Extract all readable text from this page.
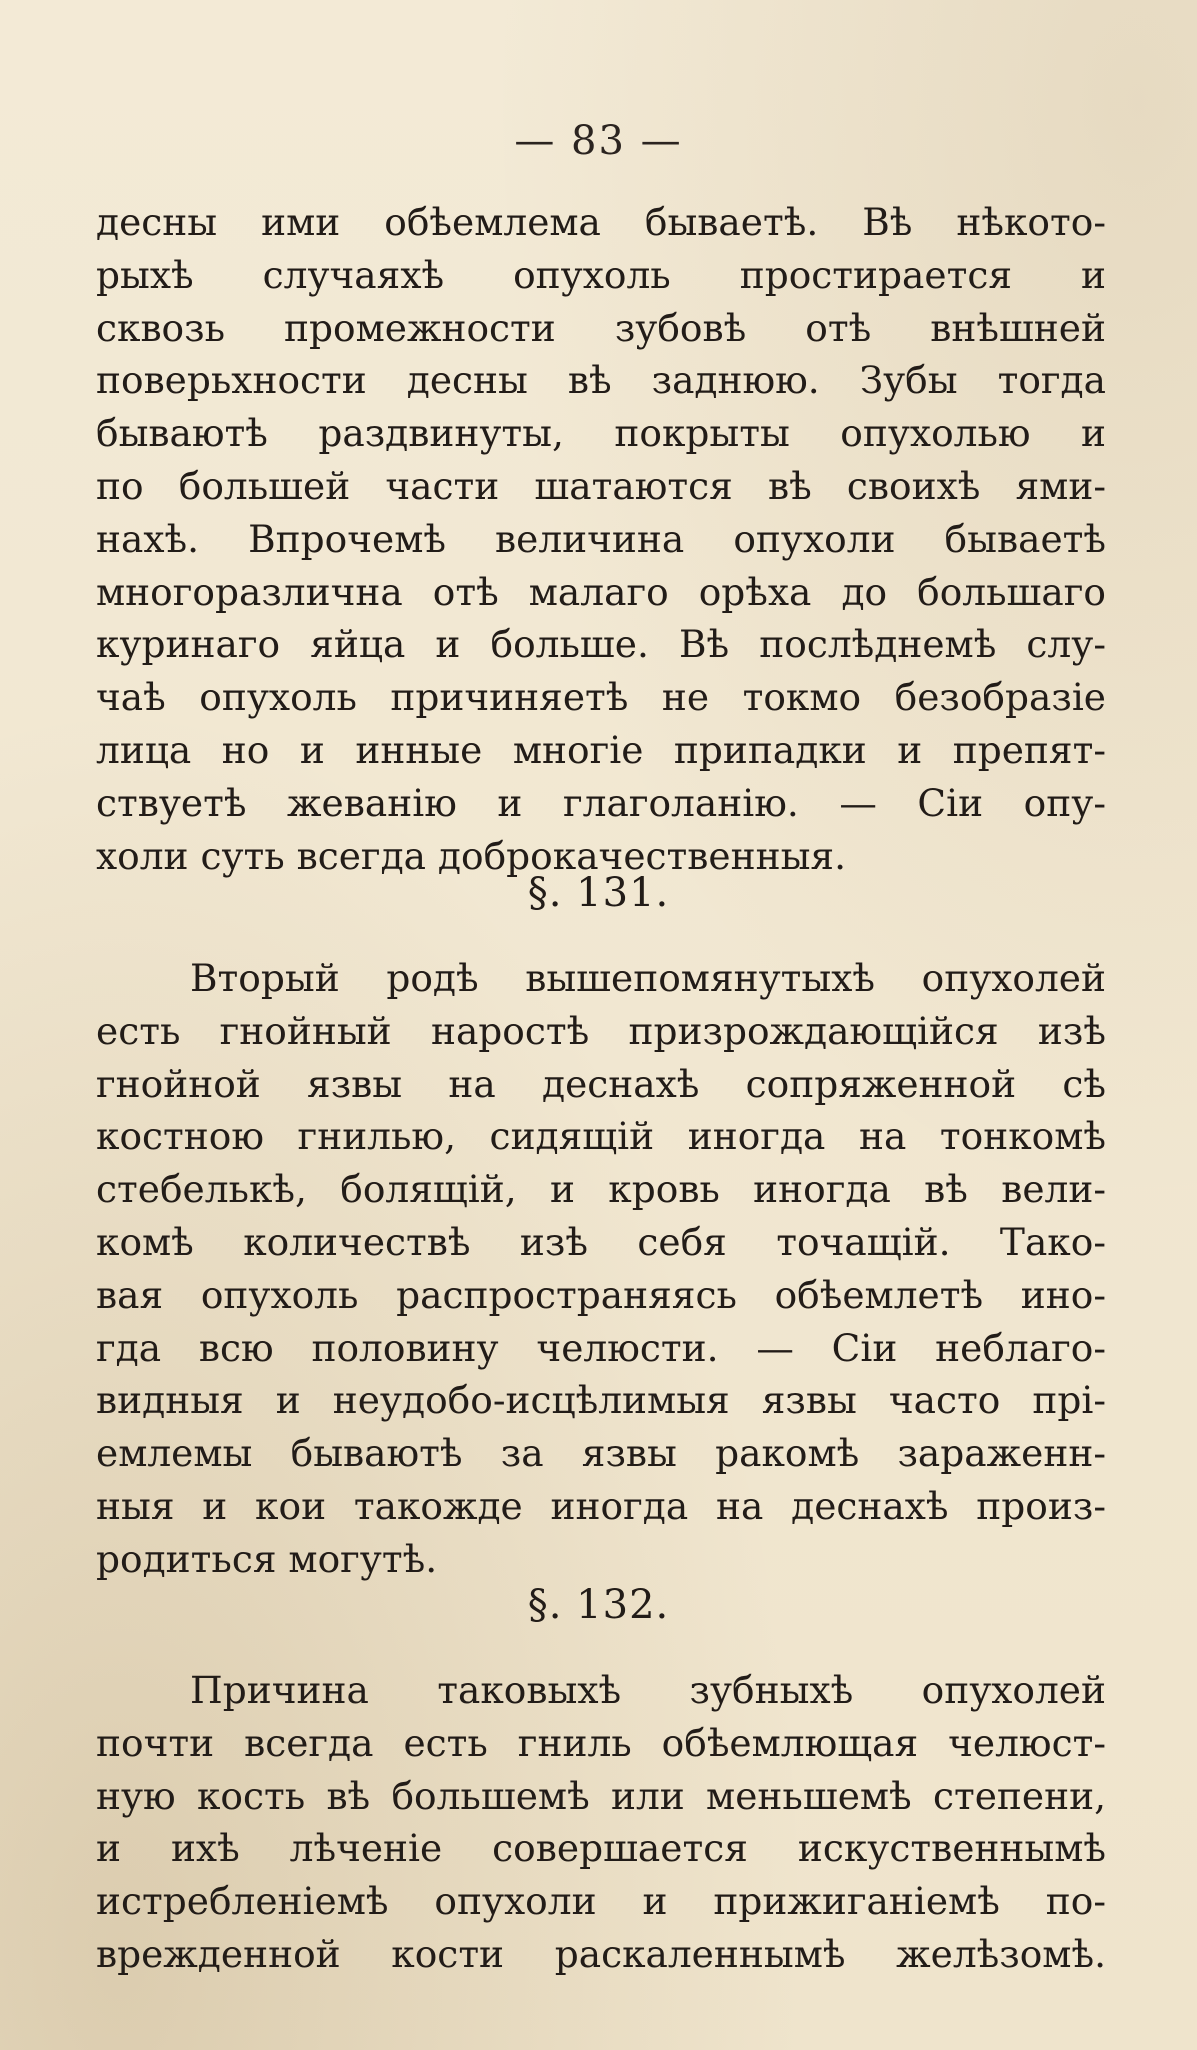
— 83 —
десны ими обѣемлема бываетѣ. Вѣ нѣкото-
рыхѣ случаяхѣ опухоль простирается и
сквозь промежности зубовѣ отѣ внѣшней
поверьхности десны вѣ заднюю. Зубы тогда
бываютѣ раздвинуты, покрыты опухолью и
по большей части шатаются вѣ своихѣ ями-
нахѣ. Впрочемѣ величина опухоли бываетѣ
многоразлична отѣ малаго орѣха до большаго
куринаго яйца и больше. Вѣ послѣднемѣ слу-
чаѣ опухоль причиняетѣ не токмо безобразіе
лица но и инные многіе припадки и препят-
ствуетѣ жеванію и глаголанію. — Сіи опу-
холи суть всегда доброкачественныя.
§. 131.
Вторый родѣ вышепомянутыхѣ опухолей
есть гнойный наростѣ призрождающійся изѣ
гнойной язвы на деснахѣ сопряженной сѣ
костною гнилью, сидящій иногда на тонкомѣ
стебелькѣ, болящій, и кровь иногда вѣ вели-
комѣ количествѣ изѣ себя точащій. Тако-
вая опухоль распространяясь обѣемлетѣ ино-
гда всю половину челюсти. — Сіи неблаго-
видныя и неудобо-исцѣлимыя язвы часто прі-
емлемы бываютѣ за язвы ракомѣ зараженн-
ныя и кои такожде иногда на деснахѣ произ-
родиться могутѣ.
§. 132.
Причина таковыхѣ зубныхѣ опухолей
почти всегда есть гниль обѣемлющая челюст-
ную кость вѣ большемѣ или меньшемѣ степени,
и ихѣ лѣченіе совершается искуственнымѣ
истребленіемѣ опухоли и прижиганіемѣ по-
врежденной кости раскаленнымѣ желѣзомѣ.
